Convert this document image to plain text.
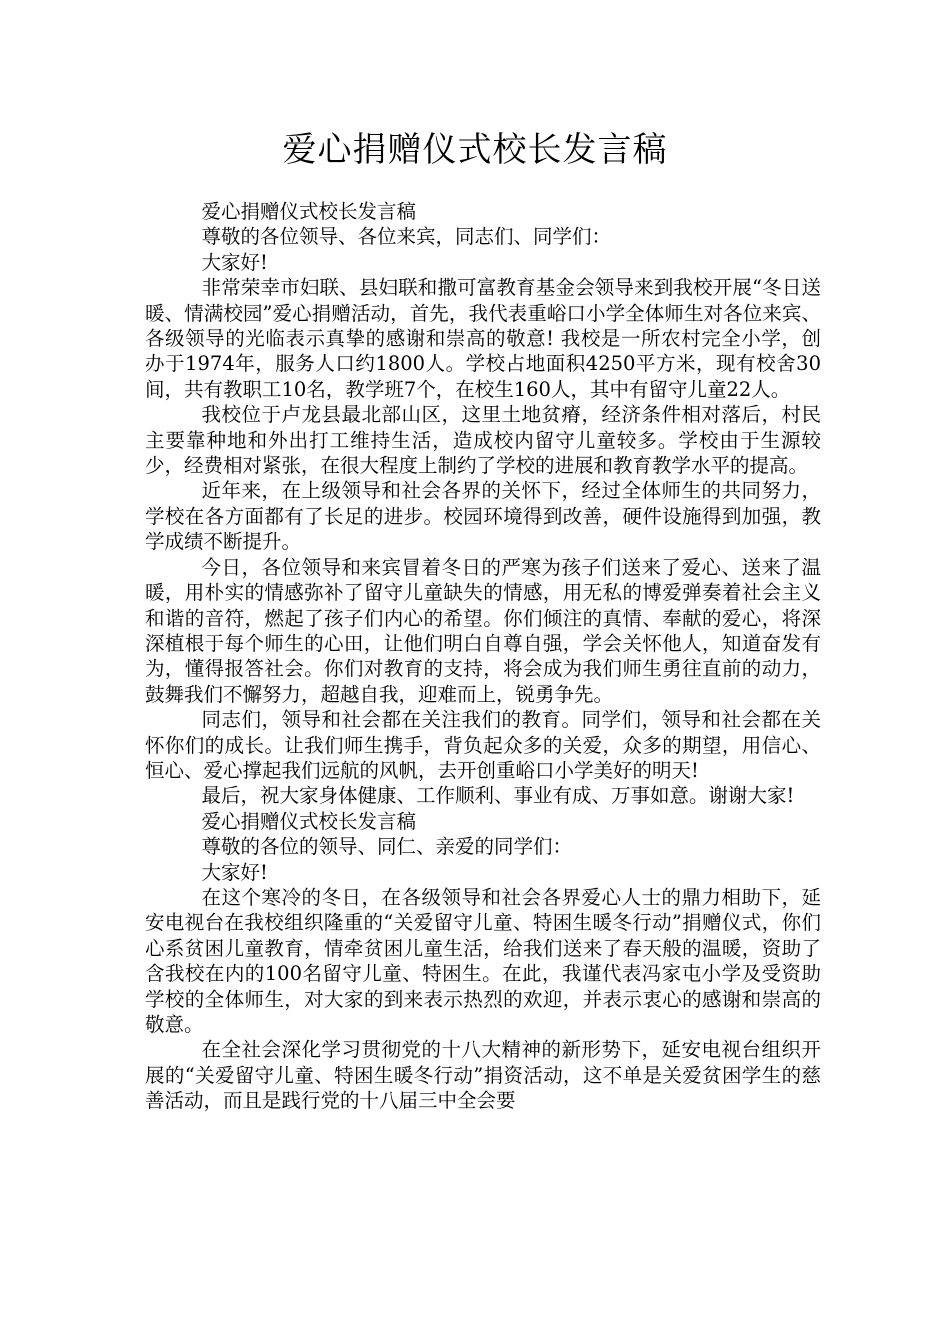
爱心捐赠仪式校长发言稿

爱心捐赠仪式校长发言稿

尊敬的各位领导、各位来宾，同志们、同学们：

大家好!

非常荣幸市妇联、县妇联和撒可富教育基金会领导来到我校开展“冬日送暖、情满校园”爱心捐赠活动，首先，我代表重峪口小学全体师生对各位来宾、各级领导的光临表示真挚的感谢和崇高的敬意! 我校是一所农村完全小学，创办于1974年，服务人口约1800人。学校占地面积4250平方米，现有校舍30间，共有教职工10名，教学班7个，在校生160人，其中有留守儿童22人。

我校位于卢龙县最北部山区，这里土地贫瘠，经济条件相对落后，村民主要靠种地和外出打工维持生活，造成校内留守儿童较多。学校由于生源较少，经费相对紧张，在很大程度上制约了学校的进展和教育教学水平的提高。

近年来，在上级领导和社会各界的关怀下，经过全体师生的共同努力，学校在各方面都有了长足的进步。校园环境得到改善，硬件设施得到加强，教学成绩不断提升。

今日，各位领导和来宾冒着冬日的严寒为孩子们送来了爱心、送来了温暖，用朴实的情感弥补了留守儿童缺失的情感，用无私的博爱弹奏着社会主义和谐的音符，燃起了孩子们内心的希望。你们倾注的真情、奉献的爱心，将深深植根于每个师生的心田，让他们明白自尊自强，学会关怀他人，知道奋发有为，懂得报答社会。你们对教育的支持，将会成为我们师生勇往直前的动力，鼓舞我们不懈努力，超越自我，迎难而上，锐勇争先。

同志们，领导和社会都在关注我们的教育。同学们，领导和社会都在关怀你们的成长。让我们师生携手，背负起众多的关爱，众多的期望，用信心、恒心、爱心撑起我们远航的风帆，去开创重峪口小学美好的明天!

最后，祝大家身体健康、工作顺利、事业有成、万事如意。谢谢大家!

爱心捐赠仪式校长发言稿

尊敬的各位的领导、同仁、亲爱的同学们：

大家好!

在这个寒冷的冬日，在各级领导和社会各界爱心人士的鼎力相助下，延安电视台在我校组织隆重的“关爱留守儿童、特困生暖冬行动”捐赠仪式，你们心系贫困儿童教育，情牵贫困儿童生活，给我们送来了春天般的温暖，资助了含我校在内的100名留守儿童、特困生。在此，我谨代表冯家屯小学及受资助学校的全体师生，对大家的到来表示热烈的欢迎，并表示衷心的感谢和崇高的敬意。

在全社会深化学习贯彻党的十八大精神的新形势下，延安电视台组织开展的“关爱留守儿童、特困生暖冬行动”捐资活动，这不单是关爱贫困学生的慈善活动，而且是践行党的十八届三中全会要
